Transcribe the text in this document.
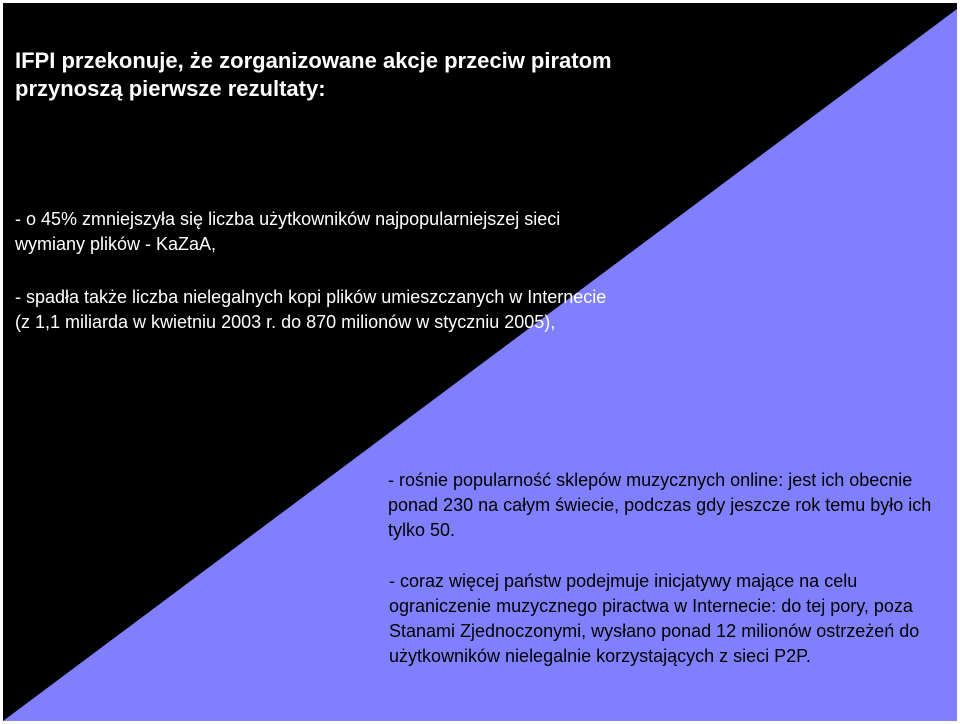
IFPI przekonuje, że zorganizowane akcje przeciw piratom przynoszą pierwsze rezultaty:

- o 45% zmniejszyła się liczba użytkowników najpopularniejszej sieci wymiany plików - KaZaA,

- spadła także liczba nielegalnych kopi plików umieszczanych w Internecie (z 1,1 miliarda w kwietniu 2003 r. do 870 milionów w styczniu 2005),

- rośnie popularność sklepów muzycznych online: jest ich obecnie ponad 230 na całym świecie, podczas gdy jeszcze rok temu było ich tylko 50.

- coraz więcej państw podejmuje inicjatywy mające na celu ograniczenie muzycznego piractwa w Internecie: do tej pory, poza Stanami Zjednoczonymi, wysłano ponad 12 milionów ostrzeżeń do użytkowników nielegalnie korzystających z sieci P2P.
